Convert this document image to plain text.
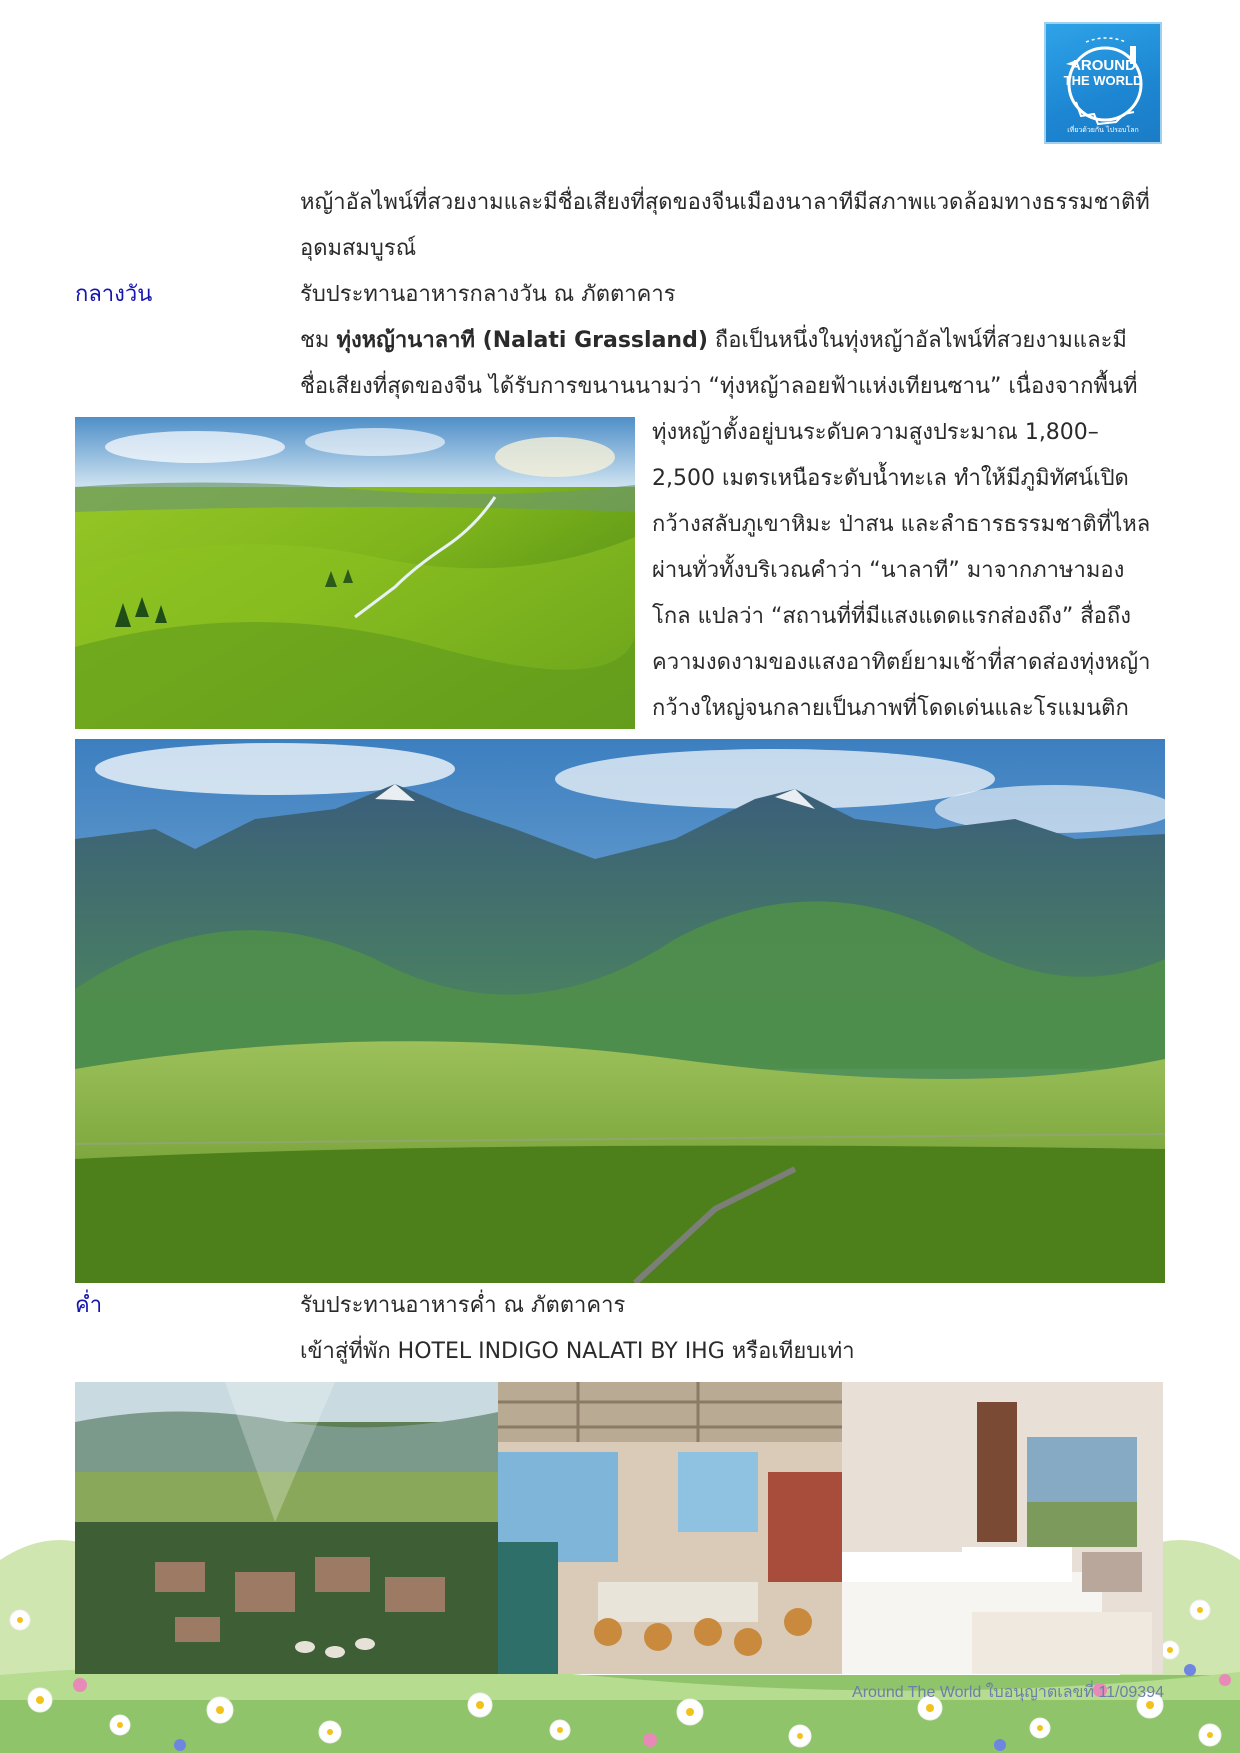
AROUND
THE WORLD
เที่ยวด้วยกัน ไปรอบโลก
หญ้าอัลไพน์ที่สวยงามและมีชื่อเสียงที่สุดของจีนเมืองนาลาทีมีสภาพแวดล้อมทางธรรมชาติที่
อุดมสมบูรณ์
กลางวัน	รับประทานอาหารกลางวัน ณ ภัตตาคาร
ชม ทุ่งหญ้านาลาที (Nalati Grassland) ถือเป็นหนึ่งในทุ่งหญ้าอัลไพน์ที่สวยงามและมี
ชื่อเสียงที่สุดของจีน ได้รับการขนานนามว่า “ทุ่งหญ้าลอยฟ้าแห่งเทียนซาน” เนื่องจากพื้นที่
ทุ่งหญ้าตั้งอยู่บนระดับความสูงประมาณ 1,800–
2,500 เมตรเหนือระดับน้ำทะเล ทำให้มีภูมิทัศน์เปิด
กว้างสลับภูเขาหิมะ ป่าสน และลำธารธรรมชาติที่ไหล
ผ่านทั่วทั้งบริเวณคำว่า “นาลาที” มาจากภาษามอง
โกล แปลว่า “สถานที่ที่มีแสงแดดแรกส่องถึง” สื่อถึง
ความงดงามของแสงอาทิตย์ยามเช้าที่สาดส่องทุ่งหญ้า
กว้างใหญ่จนกลายเป็นภาพที่โดดเด่นและโรแมนติก
ค่ำ	รับประทานอาหารค่ำ ณ ภัตตาคาร
เข้าสู่ที่พัก HOTEL INDIGO NALATI BY IHG หรือเทียบเท่า
Around The World ใบอนุญาตเลขที่ 11/09394
